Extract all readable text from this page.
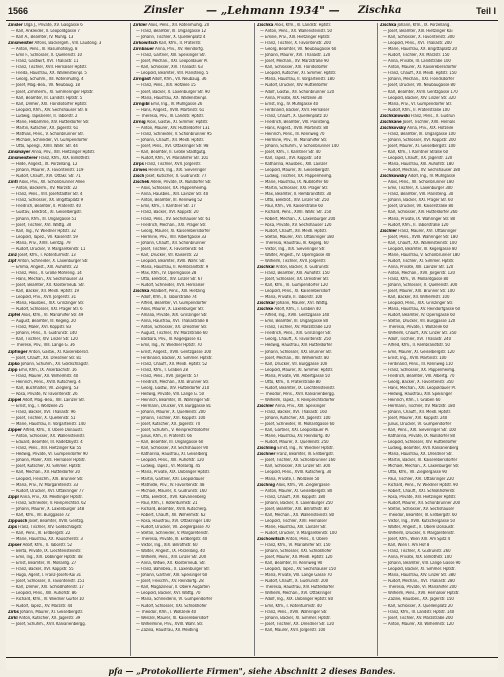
1566	Zinsler — „Lehmann 1934" — Zischka	Teil I
Zinsler Olga J., Private, XV. Gasgasse 6
— Karl, Ankleider, II. Leopoldgasse 7
— Karl A., Beamter, IV. Mühlg. 13
Zinsmeister Alfons, Bäckergeh., VIII. Laudong. 3
— Anton, Pens., III. Rasumofskyg. 8
— Emil F., Schlosser, X. Quellenstr. 10
— Franz, Gastwirt, XVI. Thaliastr. 11
— Franz, Tischler, XVII. Hernalser Hptstr.
— Frieda, Hausfrau, XX. Wallensteinpl. 5
— Georg, Schuhm., XII. Rotenmühlg. 4
— Josef, Mag.-Bea., VII. Neubaug. 18
— Josef, Zimmerm., XI. Simmeringer Hptstr.
— Karl, Beamter, III. Landstr. Hptstr. 5
— Karl, Dreher, XXI. Floridsdorfer Hptstr.
— Leopold, Kfm., XIV. Sechshauser Str. 8
— Ludwig, Tapezierer, II. Taborstr. 2
— Marie, Hebamme, XIV. Hütteldorfer Str.
— Martin, Kutscher, XX. Jägerstr. 61
— Mathias, Pens., V. Schönbrunner Str.
— Michael, Schneider, VI. Gumpendorfer
— Otto, Spengl., XVIII. Währ. Str. 44
Zinsmayer Anna, Priv., XIII. Hietzinger Hptstr.
Zinsmeisterer Franz, Kfm., XIX. Billrothstr.
— Hilde, Angest., IX. Porzellang. 12
— Johann, Maurer, X. Favoritenstr. 119
— Rudolf, Chauff., XVI. Ottakr. Str. 71
Zintl Alois, Priv., XII. Schönbrunner Allee
— Anton, Bäckerm., XV. Märzstr. 22
— Franz, Pens., VIII. Josefstädter Str. 4
— Franz, Schlosser, XX. Brigittaplatz 9
— Friedrich, Beamter, II. Praterstr. 40
— Gustav, Elektrot., XI. Geiselbergstr.
— Johann, Kfm., III. Ungargasse 51
— Josef, Tischler, XVI. Wattg. 30
— Karl, Ing., IV. Wiedner Hptstr. 32
— Leopold, Tapez., VII. Kaiserstr. 59
— Maria, Priv., XVIII. Gentzg. 79
— Rudolf, Drucker, V. Margaretenstr. 11
Zinz Josef, Kfm., I. Rotenturmstr. 13
Zipf Anton, Schneider, X. Laxenburger Str.
— Emma, Angest., XIII. Auhofstr. 22
— Franz, Pens., II. Große Mohreng. 14
— Hans, Mechan., XV. Sechshauser 33
— Josef, Beamter, XX. Klosterneub. Str.
— Karl, Bäcker, XII. Meidl. Hptstr. 19
— Leopold, Priv., XVII. Jörgerstr. 31
— Maria, Hausbes., XIX. Grinzinger Str.
— Rudolf, Schlosser, XXI. Prager Str. 6
Zipfel Alois, Kfm., VI. Mariahilfer Str. 49
— August, Beamter, III. Kegelg. 20
— Franz, Maler, XVI. Koppstr. 83
— Johann, Pens., X. Gudrunstr. 140
— Karl, Tischler, XIV. Linzer Str. 120
— Therese, Priv., VIII. Lange G. 36
Zipfinger Anton, Gastw., XI. Kaiserebersd.
— Josef, Chauff., XX. Dresdner Str. 81
Zipko Johann, Schuhm., XV. Goldschlagstr.
Zipp Emil, Kfm., IX. Alserbachstr. 16
— Franz, Maurer, XII. Wilhelmstr. 40
— Heinrich, Pens., XVIII. Kutscherg. 4
— Karl, Buchhalter, VII. Zieglerg. 53
— Rosa, Private, IV. Favoritenstr. 26
Zippel Adolf, Mag.-Bea., XIII. Lainzer Str.
— Ernst, Ing., I. Wollzeile 25
— Franz, Bäcker, XVI. Thaliastr. 96
— Josef, Tischler, X. Quellenstr. 51
— Marie, Hausfrau, II. Vorgartenstr. 140
Zipper Alfred, Kfm., II. Obere Donaustr.
— Anton, Schlosser, XX. Wallensteinstr.
— Eduard, Beamter, III. Radetzkystr. 4
— Franz, Pens., XIII. Hietzinger Kai 55
— Hedwig, Private, VI. Gumpendorfer 90
— Johann, Maler, XVII. Hernalser Hptstr.
— Josef, Kutscher, XI. Simmer. Hptstr.
— Karl, Mechan., XV. Hütteldorfer 20
— Leopold, Fleischh., XXI. Brünner Str.
— Maria, Priv., IV. Margaretenstr. 33
— Rudolf, Drucker, XVI. Ottakringer 77
Zippl Anna, Priv., XII. Meidlinger Hptstr.
— Franz, Schneider, V. Reinprechtsd. 62
— Johann, Maurer, X. Laxenburger 148
— Karl, Kfm., VII. Burggasse 72
Zippusch Josef, Beamter, XVIII. Gentzg.
Zips Franz, Tischler, XIV. Goldschlagstr.
— Karl, Pens., III. Erdbergstr. 22
— Marie, Hausfrau, XX. Rauscherstr. 3
Zipser Adolf, Kfm., II. Taborstr. 52
— Berta, Private, IX. Liechtensteinstr.
— Emil, Ing., XIX. Döblinger Hptstr. 48
— Ernst, Beamter, VI. Mollardg. 27
— Franz, Bäcker, XVI. Koppstr. 55
— Hugo, Agent, I. Franz-Josefs-Kai 31
— Josef, Schlosser, X. Favoritenstr. 151
— Karl, Dreher, XXI. Schloßhoferstr. 17
— Leopold, Pens., XIII. Auhofstr. 86
— Richard, Kfm., IV. Wiedner Gürtel 10
— Rudolf, Tapez., XV. Märzstr. 44
Zirbs Johann, Maurer, XI. Geiselbergstr.
Zirkl Anton, Kutscher, XX. Jägerstr. 39
— Josef, Schuhm., XVII. Kalvarienbergg.
Zirkler Alois, Pens., XII. Rotenmühlg. 20
— Franz, Beamter, III. Ungargasse 12
— Johann, Tischler, X. Quellenplatz 4
Zirkowitsch Karl, Kfm., II. Praterstr.
Zirnbauer Anna, Priv., XV. Reindorfg.
— Franz, Gärtner, XIII. Speisinger Str.
— Josef, Mechan., XXI. Leopoldauer Pl.
— Karl, Schlosser, XVI. Thaliastr. 63
— Leopold, Beamter, VIII. Piaristeng. 5
Zirngast Adolf, Kfm., VII. Neubaug. 36
— Franz, Pens., XIX. Hofzeile 15
— Josef, Bäcker, X. Laxenburger Str. 90
— Maria, Hausfrau, XX. Wallensteinpl.
Zirngibl Emil, Ing., IV. Mühlgasse 26
— Hans, Angest., XVIII. Martinstr. 61
— Theresia, Priv., III. Landstr. Hptstr.
Zirnig Alois, Gastw., XI. Simmer. Hptstr.
— Anton, Maurer, XIV. Hütteldorfer 131
— Franz, Schneider, V. Schönbrunner 95
— Johann, Chauff., XII. Meidl. Hptstr.
— Josef, Pens., XVI. Ottakringer Str. 98
— Karl, Beamter, II. Große Stadtgutg.
— Rudolf, Kfm., VI. Mariahilfer Str. 101
Zirps Franz, Tischler, XVII. Jörgerstr.
Zirwes Heinrich, Ing., XIX. Sieveringer
Zisch Josef, Kutscher, X. Gudrunstr. 77
Zischek Adele, Private, IX. Nußdorfer Str.
— Alois, Schlosser, XX. Pappenheimg.
— Anna, Hausbes., XIII. Lainzer Str. 40
— Anton, Beamter, III. Rennweg 52
— Emil, Kfm., I. Kärntner Str. 17
— Franz, Bäcker, XVI. Koppstr. 20
— Franz, Pens., XV. Sechshauser Str. 61
— Friedrich, Mechan., XXI. Prager Str.
— Georg, Maurer, XI. Kaiserebersdorfer
— Hermine, Priv., VIII. Albertgasse 33
— Johann, Chauff., XII. Schönbrunner
— Josef, Tischler, X. Favoritenstr. 64
— Karl, Drucker, VII. Kaiserstr. 22
— Leopold, Beamter, XVIII. Währ. Str.
— Maria, Hausfrau, II. Rembrandtstr. 9
— Max, Kfm., IV. Operngasse 28
— Otto, Elektrot., XIV. Linzer Str. 67
— Rudolf, Schneider, XVII. Hernalser
Zischka Adalbert, Pens., XIII. Hietzing
— Adolf, Kfm., II. Taborstraße 74
— Alfred, Beamter, VI. Gumpendorfer
— Alois, Maurer, X. Laxenburger Str.
— Amalia, Private, XIX. Grinzinger Str.
— Anna, Hausfrau, XVI. Thaliastraße 8
— Anton, Schlosser, XX. Dresdner Str.
— August, Tischler, XV. Märzstraße 60
— Barbara, Priv., III. Kegelgasse 41
— Emil, Ing., IV. Wiedner Hptstr. 70
— Ernst, Angest., XVIII. Gentzgasse 100
— Ferdinand, Bäcker, XI. Simmer. Hptstr.
— Franz, Chauff., XII. Meidl. Hptstr. 52
— Franz, Kfm., I. Graben 28
— Franz, Pens., XVII. Jörgerstr. 57
— Friedrich, Mechan., XXI. Brünner Str.
— Georg, Gastw., XIV. Hütteldorfer 210
— Hedwig, Private, VIII. Lange G. 50
— Heinrich, Beamter, IX. Währinger Str.
— Hermann, Drucker, VII. Burggasse 81
— Johann, Maurer, X. Quellenstr. 200
— Johann, Tischler, XVI. Koppstr. 100
— Josef, Kutscher, XX. Jägerstr. 70
— Josef, Schuhm., V. Reinprechtsdorfer
— Julius, Kfm., II. Praterstr. 66
— Karl, Beamter, III. Ungargasse 60
— Karl, Schlosser, XV. Sechshauser 90
— Katharina, Hausfrau, XI. Geiselberg
— Leopold, Pens., XIII. Auhofstr. 120
— Ludwig, Tapez., VI. Mollardg. 45
— Maria, Private, XIX. Döblinger Hptstr.
— Martin, Gärtner, XXI. Leopoldauer
— Mathilde, Priv., IV. Favoritenstr. 48
— Michael, Maurer, X. Gudrunstr. 160
— Otto, Elektrot., XVII. Kalvarienberg
— Paul, Kfm., I. Rotenturmstr. 21
— Richard, Beamter, XVIII. Kutscherg.
— Robert, Chauff., XII. Wilhelmstr. 62
— Rosa, Hausfrau, XVI. Ottakringer 140
— Rudolf, Drucker, VII. Zieglergasse 70
— Stefan, Schneider, V. Margaretenstr.
— Theresia, Private, III. Erdbergstr. 40
— Viktor, Ing., XIX. Billrothstr. 60
— Walter, Angest., IX. Porzellang. 40
— Wilhelm, Pens., XIV. Linzer Str. 200
— Anna, Witwe, XX. Klosterneub. Str.
— Franz, Bahnbea., X. Laxenburger Str.
— Johann, Gärtner, XIII. Speisinger 60
— Josef, Fleischh., XV. Reindorfg. 28
— Karl, Magazineur, II. Obere Augarten
— Leopold, Bäcker, XVI. Wattg. 70
— Maria, Schneiderin, VI. Gumpendorfer
— Rudolf, Schlosser, XXI. Schloßhofer
— Theodor, Kfm., I. Wollzeile 40
— Wenzel, Maurer, XI. Kaiserebersdorf
— Wilhelmine, Priv., XVIII. Währ. Str.
— Zäzilia, Hausfrau, XII. Meidling
Zischka Alois, Kfm., III. Landstr. Hptstr.
— Anton, Pens., XX. Wallensteinstr. 50
— Emilie, Priv., XIII. Hietzinger Hptstr.
— Franz, Tischler, X. Favoritenstr. 200
— Georg, Beamter, VII. Neubaugasse 60
— Johann, Maurer, XVI. Thaliastr. 120
— Josef, Mechan., XV. Märzstraße 90
— Karl, Schlosser, XXI. Floridsdorfer
— Leopold, Kutscher, XI. Simmer. Hptstr.
— Maria, Hausfrau, II. Vorgartenstr. 180
— Rudolf, Drucker, XIV. Hütteldorfer
— Adolf, Gastw., XII. Schönbrunner 120
— Anna, Private, XIX. Hofzeile 30
— Ernst, Ing., IV. Mühlgasse 40
— Ferdinand, Bäcker, XVII. Hernalser
— Franz, Chauff., X. Quellenplatz 10
— Friedrich, Beamter, VIII. Piaristeng.
— Hans, Angest., XVIII. Martinstr. 80
— Heinrich, Pens., III. Rennweg 70
— Hermine, Priv., VI. Mariahilfer Str.
— Johann, Schuhm., V. Schönbrunner 140
— Josef, Kfm., I. Kärntner Str. 40
— Karl, Tapez., XVI. Koppstr. 140
— Katharina, Hausbes., XIII. Lainzer
— Leopold, Maurer, XI. Geiselbergstr.
— Ludwig, Tischler, XX. Pappenheimg.
— Marie, Hausfrau, IX. Nußdorfer 60
— Martin, Schlosser, XXI. Prager Str.
— Max, Beamter, II. Rembrandtstr. 30
— Otto, Elektrot., XIV. Linzer Str. 250
— Paul, Kfm., VII. Kaiserstraße 60
— Richard, Pens., XVIII. Währ. Str. 150
— Robert, Mechan., X. Laxenburger 200
— Rosa, Private, XV. Sechshauser 120
— Rudolf, Chauff., XII. Meidl. Hptstr.
— Stefan, Maurer, XVI. Ottakringer 180
— Theresia, Hausfrau, III. Kegelg. 60
— Viktor, Ing., XIX. Sieveringer Str.
— Walter, Angest., IV. Operngasse 40
— Wilhelm, Tischler, XVII. Jörgerstr.
Zischkal Anton, Bäcker, X. Gudrunstr.
— Franz, Beamter, XIII. Auhofstr. 150
— Josef, Schlosser, XX. Dresdner Str.
— Karl, Kfm., VI. Gumpendorfer 120
— Leopold, Pens., XI. Kaiserebersdorf
— Maria, Private, II. Taborstr. 100
Zischkar Johann, Maurer, XVI. Wattg.
Zischke Adolf, Kfm., I. Graben 40
— Alfred, Ing., XVIII. Gentzgasse 140
— Emil, Beamter, III. Ungargasse 80
— Franz, Tischler, XV. Märzstraße 120
— Friedrich, Pens., XIX. Grinzinger Str.
— Georg, Chauff., X. Favoritenstr. 250
— Hedwig, Hausfrau, XIV. Hütteldorfer
— Johann, Schlosser, XXI. Brünner Str.
— Josef, Mechan., XII. Wilhelmstr. 80
— Karl, Drucker, VII. Burggasse 100
— Leopold, Maurer, XI. Simmer. Hptstr.
— Maria, Private, VIII. Albertgasse 50
— Otto, Kfm., II. Praterstraße 80
— Rudolf, Beamter, IX. Liechtensteinstr.
— Theodor, Pens., XVII. Kalvarienbergg.
— Wilhelm, Tapez., V. Reinprechtsdorfer
Zischler Anna, Priv., XIII. Speisinger
— Franz, Bäcker, XVI. Thaliastr. 160
— Johann, Kutscher, XX. Jägerstr. 100
— Josef, Schneider, VI. Mollardgasse 60
— Karl, Gärtner, XXI. Leopoldauer Pl.
— Marie, Hausfrau, XV. Reindorfg. 40
— Rudolf, Maurer, X. Quellenstr. 250
Zischling Ernst, Ing., IV. Wiedner Hptstr.
Zischner Franz, Beamter, III. Erdbergstr.
— Josef, Tischler, XII. Schönbrunner 160
— Karl, Schlosser, XIV. Linzer Str. 300
— Leopold, Pens., XVIII. Kutscherg. 30
— Maria, Private, I. Wollzeile 50
Zischnig Alois, Kfm., VII. Zieglergasse
— Anton, Maurer, XI. Geiselbergstr. 80
— Franz, Chauff., XVI. Koppstr. 180
— Johann, Bäcker, X. Laxenburger 250
— Josef, Beamter, XIX. Billrothstr. 80
— Karl, Mechan., XX. Wallensteinstr. 80
— Leopold, Tischler, XVII. Hernalser
— Marie, Hausfrau, XIII. Lainzer Str.
— Rudolf, Drucker, V. Margaretenstr. 100
Zischowitsch Anton, Pens., II. Obere
— Franz, Kfm., VI. Mariahilfer Str. 150
— Johann, Schlosser, XXI. Schloßhofer
— Josef, Maurer, XII. Meidl. Hptstr. 120
— Karl, Beamter, III. Rennweg 90
— Leopold, Tapez., XV. Sechshauser 150
— Maria, Private, VIII. Lange Gasse 70
— Rudolf, Chauff., X. Gudrunstr. 200
— Theresia, Hausfrau, XIV. Hütteldorfer
— Wilhelm, Mechan., XVI. Ottakringer
— Adolf, Ing., XIX. Döblinger Hptstr. 80
— Emil, Kfm., I. Rotenturmstr. 40
— Franz, Pens., XVIII. Währinger Str.
— Johann, Bäcker, XI. Simmer. Hptstr.
— Josef, Tischler, XX. Dresdner Str. 120
— Karl, Maurer, XVII. Jörgerstr. 100
Zischka Johann, Kfm., IX. Porzellang.
— Josef, Beamter, XIII. Hietzinger Kai
— Karl, Schlosser, X. Favoritenstr. 300
— Leopold, Pens., XVI. Thaliastr. 200
— Marie, Hausfrau, XX. Brigittaplatz 20
— Rudolf, Tischler, XV. Märzstr. 150
— Anna, Private, III. Landstraße 100
— Anton, Maurer, XI. Kaiserebersdorfer
— Franz, Chauff., XII. Meidl. Hptstr. 150
— Johann, Mechan., XXI. Floridsdorfer
— Josef, Drucker, VII. Neubaugasse 80
— Karl, Beamter, XVIII. Gentzgasse 170
— Leopold, Bäcker, XIV. Linzer Str. 320
— Maria, Priv., VI. Gumpendorfer Str.
— Rudolf, Kfm., II. Praterstraße 100
Zischkalowski Franz, Pens., X. Gudrun
Zischkane Josef, Tischler, XVII. Hernals
Zischkovsky Anna, Priv., XIX. Hofzeile
— Franz, Beamter, III. Ungargasse 100
— Johann, Schlosser, XVI. Koppstr. 200
— Josef, Maurer, XI. Geiselbergstr. 100
— Karl, Kfm., I. Kärntner Straße 60
— Leopold, Chauff., XX. Jägerstr. 120
— Maria, Hausfrau, XIII. Auhofstr. 180
— Rudolf, Mechan., XV. Sechshauser 180
Zischkowsky Adolf, Ing., IV. Mühlgasse
— Alois, Pens., XII. Schönbrunner 180
— Emil, Tischler, X. Laxenburger 300
— Franz, Beamter, VIII. Piaristeng. 30
— Johann, Bäcker, XXI. Prager Str. 60
— Josef, Drucker, VII. Kaiserstraße 80
— Karl, Schlosser, XIV. Hütteldorfer 260
— Maria, Private, IX. Währinger Str. 80
— Rudolf, Kfm., II. Taborstraße 120
Zischler Franz, Maurer, XVI. Ottakringer
— Josef, Pens., XVIII. Währinger Str. 180
— Karl, Chauff., XX. Wallensteinstr. 100
— Leopold, Beamter, III. Kegelgasse 80
— Marie, Hausfrau, V. Schönbrunner 180
— Rudolf, Tischler, XI. Simmer. Hptstr.
— Anna, Private, XIII. Lainzer Str. 120
— Anton, Mechan., XVII. Jörgerstr. 120
— Franz, Kfm., VI. Mollardgasse 80
— Johann, Schlosser, X. Quellenstr. 300
— Josef, Maurer, XXI. Brünner Str. 100
— Karl, Bäcker, XII. Wilhelmstr. 100
— Leopold, Pens., XIX. Grinzinger Str.
— Maria, Hausfrau, XV. Reindorfgasse 60
— Rudolf, Beamter, IV. Operngasse 60
— Stefan, Drucker, VII. Burggasse 120
— Theresia, Private, I. Wollzeile 60
— Wilhelm, Chauff., XIV. Linzer Str. 350
— Adolf, Tischler, XVI. Thaliastr. 240
— Alfred, Kfm., II. Rembrandtstr. 50
— Emil, Maurer, XI. Geiselbergstr. 120
— Ernst, Ing., XVIII. Martinstr. 100
— Ferdinand, Pens., III. Rennweg 110
— Franz, Schlosser, XX. Pappenheimg.
— Friedrich, Beamter, VIII. Albertg. 70
— Georg, Bäcker, X. Favoritenstr. 350
— Hans, Mechan., XXI. Leopoldauer Pl.
— Hedwig, Hausfrau, XIII. Speisinger
— Heinrich, Kfm., I. Graben 60
— Hermann, Tischler, XV. Märzstr. 180
— Johann, Chauff., XII. Meidl. Hptstr.
— Josef, Maurer, XVI. Koppstr. 240
— Julius, Drucker, VI. Gumpendorfer
— Karl, Pens., XIX. Sieveringer Str. 100
— Katharina, Private, IX. Nußdorfer 80
— Leopold, Schlosser, XIV. Hütteldorfer
— Ludwig, Beamter, XVII. Kalvarienberg
— Maria, Hausfrau, XX. Dresdner Str.
— Martin, Bäcker, XI. Kaiserebersdorfer
— Michael, Mechan., X. Laxenburger Str.
— Otto, Kfm., VII. Zieglergasse 90
— Paul, Tischler, XVI. Ottakringer 220
— Richard, Pens., IV. Wiedner Hptstr. 90
— Robert, Chauff., XXI. Schloßhoferstr.
— Rosa, Private, XIII. Hietzinger Hptstr.
— Rudolf, Maurer, XII. Schönbrunner 200
— Stefan, Schlosser, XV. Sechshauser
— Theodor, Beamter, III. Erdbergstr. 60
— Viktor, Ing., XVIII. Kutschergasse 50
— Walter, Angest., II. Obere Donaustr.
— Wilhelm, Drucker, V. Margaretenstr.
— Josef, Kfm., Wien XXI. Am Spitz 4
— Karl, Wien I. Am Hof 8
— Franz, Tischler, X. Gudrunstr. 260
— Anna, Private, XIX. Billrothstr. 100
— Johann, Beamter, VIII. Lange Gasse 90
— Leopold, Bäcker, XI. Simmer. Hptstr.
— Maria, Hausfrau, XIV. Linzer Str. 380
— Rudolf, Mechan., XVI. Thaliastr. 280
— Theresia, Private, VI. Mariahilfer 200
— Wilhelm, Pens., XVII. Hernalser Hptstr.
— Zäzilie, Hausbes., XX. Jägerstr. 150
— Karl, Schlosser, X. Quellenplatz 20
— Franz, Kfm., III. Landstr. Hptstr. 140
— Josef, Tischler, XV. Märzstraße 200
— Anton, Maurer, XII. Wilhelmstr. 120
pfa — „Protokollierte Firmen", siehe Abschnitt 2 dieses Bandes.
